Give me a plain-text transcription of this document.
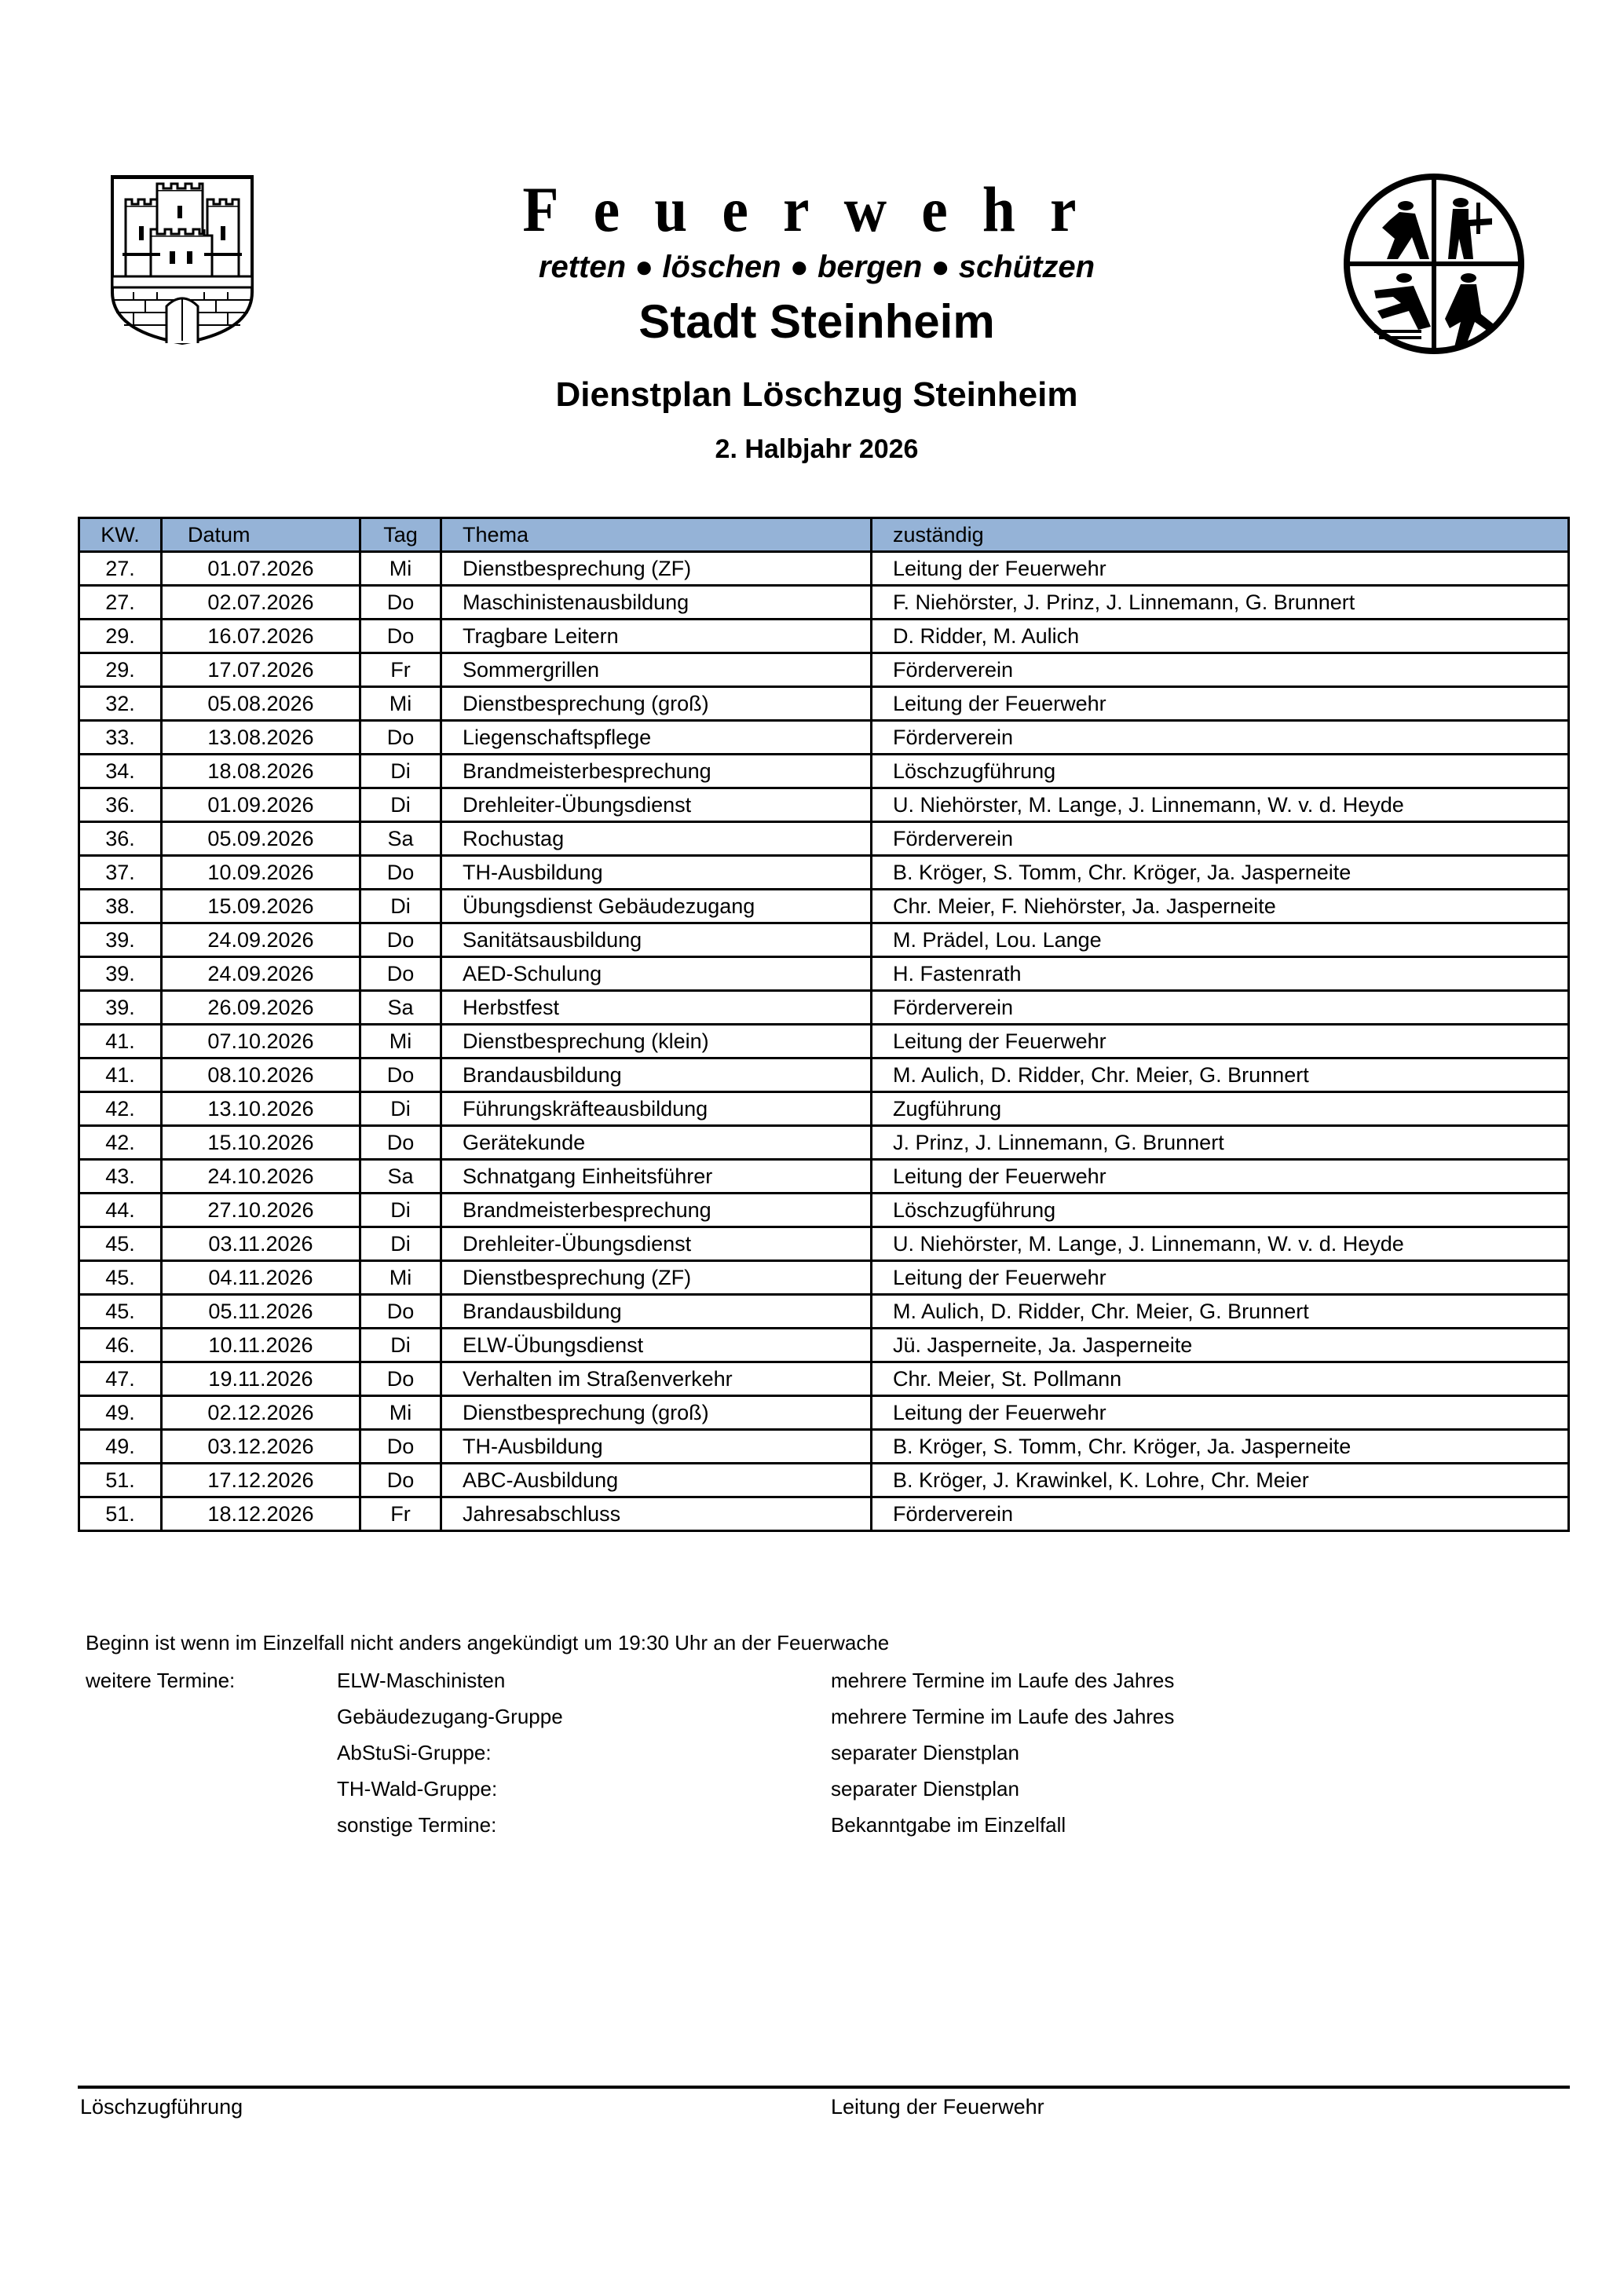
Feuerwehr
retten ● löschen ● bergen ● schützen
Stadt Steinheim
Dienstplan Löschzug Steinheim
2. Halbjahr 2026
KW.	Datum	Tag	Thema	zuständig
27.	01.07.2026	Mi	Dienstbesprechung (ZF)	Leitung der Feuerwehr
27.	02.07.2026	Do	Maschinistenausbildung	F. Niehörster, J. Prinz, J. Linnemann, G. Brunnert
29.	16.07.2026	Do	Tragbare Leitern	D. Ridder, M. Aulich
29.	17.07.2026	Fr	Sommergrillen	Förderverein
32.	05.08.2026	Mi	Dienstbesprechung (groß)	Leitung der Feuerwehr
33.	13.08.2026	Do	Liegenschaftspflege	Förderverein
34.	18.08.2026	Di	Brandmeisterbesprechung	Löschzugführung
36.	01.09.2026	Di	Drehleiter-Übungsdienst	U. Niehörster, M. Lange, J. Linnemann, W. v. d. Heyde
36.	05.09.2026	Sa	Rochustag	Förderverein
37.	10.09.2026	Do	TH-Ausbildung	B. Kröger, S. Tomm, Chr. Kröger, Ja. Jasperneite
38.	15.09.2026	Di	Übungsdienst Gebäudezugang	Chr. Meier, F. Niehörster, Ja. Jasperneite
39.	24.09.2026	Do	Sanitätsausbildung	M. Prädel, Lou. Lange
39.	24.09.2026	Do	AED-Schulung	H. Fastenrath
39.	26.09.2026	Sa	Herbstfest	Förderverein
41.	07.10.2026	Mi	Dienstbesprechung (klein)	Leitung der Feuerwehr
41.	08.10.2026	Do	Brandausbildung	M. Aulich, D. Ridder, Chr. Meier, G. Brunnert
42.	13.10.2026	Di	Führungskräfteausbildung	Zugführung
42.	15.10.2026	Do	Gerätekunde	J. Prinz, J. Linnemann, G. Brunnert
43.	24.10.2026	Sa	Schnatgang Einheitsführer	Leitung der Feuerwehr
44.	27.10.2026	Di	Brandmeisterbesprechung	Löschzugführung
45.	03.11.2026	Di	Drehleiter-Übungsdienst	U. Niehörster, M. Lange, J. Linnemann, W. v. d. Heyde
45.	04.11.2026	Mi	Dienstbesprechung (ZF)	Leitung der Feuerwehr
45.	05.11.2026	Do	Brandausbildung	M. Aulich, D. Ridder, Chr. Meier, G. Brunnert
46.	10.11.2026	Di	ELW-Übungsdienst	Jü. Jasperneite, Ja. Jasperneite
47.	19.11.2026	Do	Verhalten im Straßenverkehr	Chr. Meier, St. Pollmann
49.	02.12.2026	Mi	Dienstbesprechung (groß)	Leitung der Feuerwehr
49.	03.12.2026	Do	TH-Ausbildung	B. Kröger, S. Tomm, Chr. Kröger, Ja. Jasperneite
51.	17.12.2026	Do	ABC-Ausbildung	B. Kröger, J. Krawinkel, K. Lohre, Chr. Meier
51.	18.12.2026	Fr	Jahresabschluss	Förderverein
Beginn ist wenn im Einzelfall nicht anders angekündigt um 19:30 Uhr an der Feuerwache
weitere Termine:	ELW-Maschinisten	mehrere Termine im Laufe des Jahres
Gebäudezugang-Gruppe	mehrere Termine im Laufe des Jahres
AbStuSi-Gruppe:	separater Dienstplan
TH-Wald-Gruppe:	separater Dienstplan
sonstige Termine:	Bekanntgabe im Einzelfall
Löschzugführung	Leitung der Feuerwehr
